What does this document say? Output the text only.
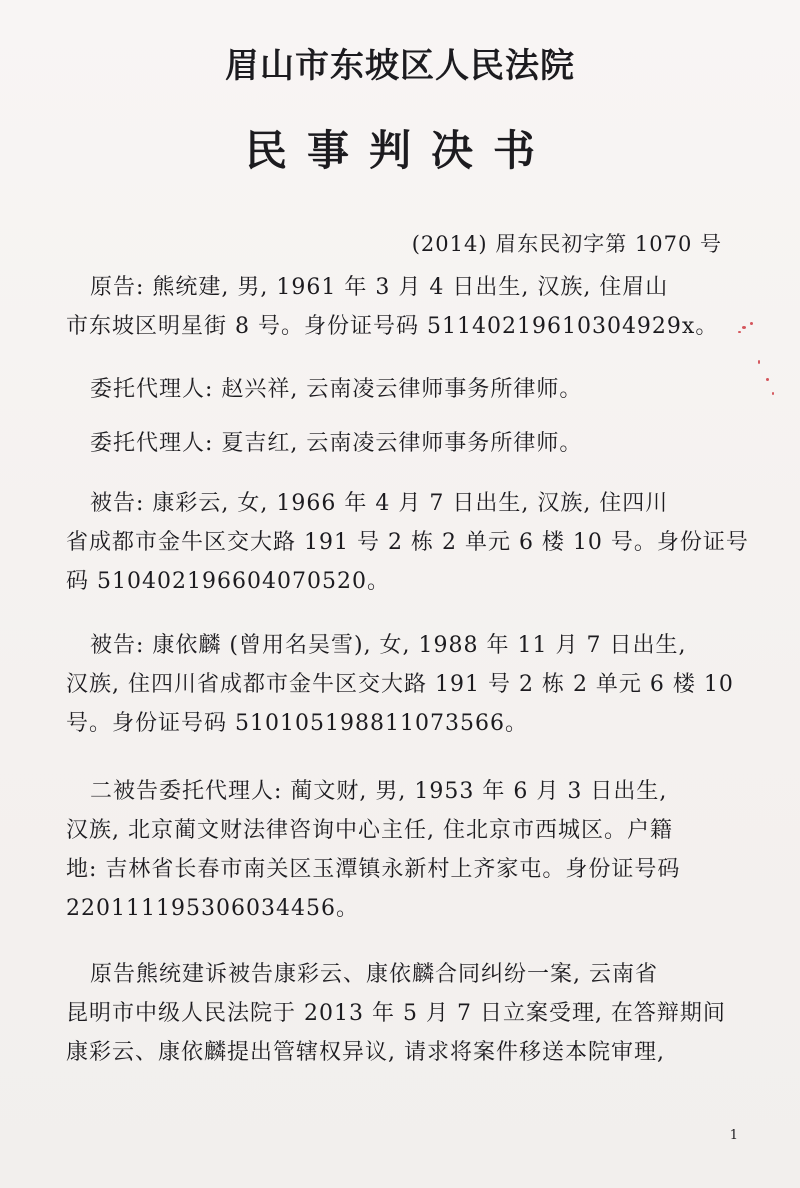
眉山市东坡区人民法院
民事判决书
(2014) 眉东民初字第 1070 号
原告: 熊统建, 男, 1961 年 3 月 4 日出生, 汉族, 住眉山
市东坡区明星街 8 号。身份证号码 51140219610304929x。
委托代理人: 赵兴祥, 云南凌云律师事务所律师。
委托代理人: 夏吉红, 云南凌云律师事务所律师。
被告: 康彩云, 女, 1966 年 4 月 7 日出生, 汉族, 住四川
省成都市金牛区交大路 191 号 2 栋 2 单元 6 楼 10 号。身份证号
码 510402196604070520。
被告: 康依麟 (曾用名吴雪), 女, 1988 年 11 月 7 日出生,
汉族, 住四川省成都市金牛区交大路 191 号 2 栋 2 单元 6 楼 10
号。身份证号码 510105198811073566。
二被告委托代理人: 蔺文财, 男, 1953 年 6 月 3 日出生,
汉族, 北京蔺文财法律咨询中心主任, 住北京市西城区。户籍
地: 吉林省长春市南关区玉潭镇永新村上齐家屯。身份证号码
220111195306034456。
原告熊统建诉被告康彩云、康依麟合同纠纷一案, 云南省
昆明市中级人民法院于 2013 年 5 月 7 日立案受理, 在答辩期间
康彩云、康依麟提出管辖权异议, 请求将案件移送本院审理,
1
